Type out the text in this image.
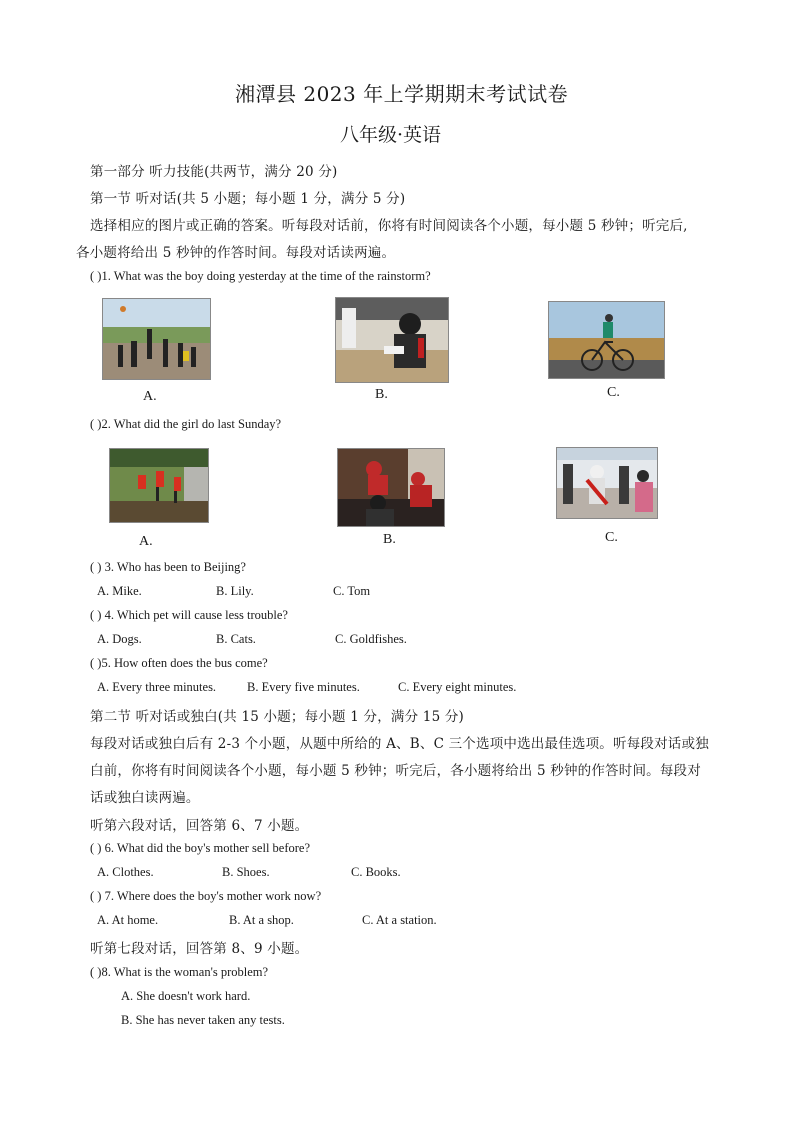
湘潭县 2023 年上学期期末考试试卷
八年级·英语
第一部分 听力技能(共两节，满分 20 分)
第一节 听对话(共 5 小题；每小题 1 分，满分 5 分)
选择相应的图片或正确的答案。听每段对话前，你将有时间阅读各个小题，每小题 5 秒钟；听完后,
各小题将给出 5 秒钟的作答时间。每段对话读两遍。
( )1. What was the boy doing yesterday at the time of the rainstorm?
A.	B.	C.
( )2. What did the girl do last Sunday?
A.	B.	C.
( ) 3. Who has been to Beijing?
A. Mike.	B. Lily.	C. Tom
( ) 4. Which pet will cause less trouble?
A. Dogs.	B. Cats.	C. Goldfishes.
( )5. How often does the bus come?
A. Every three minutes. B. Every five minutes.	C. Every eight minutes.
第二节 听对话或独白(共 15 小题；每小题 1 分，满分 15 分)
每段对话或独白后有 2-3 个小题，从题中所给的 A、B、C 三个选项中选出最佳选项。听每段对话或独
白前，你将有时间阅读各个小题，每小题 5 秒钟；听完后，各小题将给出 5 秒钟的作答时间。每段对
话或独白读两遍。
听第六段对话，回答第 6、7 小题。
( ) 6. What did the boy's mother sell before?
A. Clothes.	B. Shoes.	C. Books.
( ) 7. Where does the boy's mother work now?
A. At home.	B. At a shop.	C. At a station.
听第七段对话，回答第 8、9 小题。
( )8. What is the woman's problem?
A. She doesn't work hard.
B. She has never taken any tests.
